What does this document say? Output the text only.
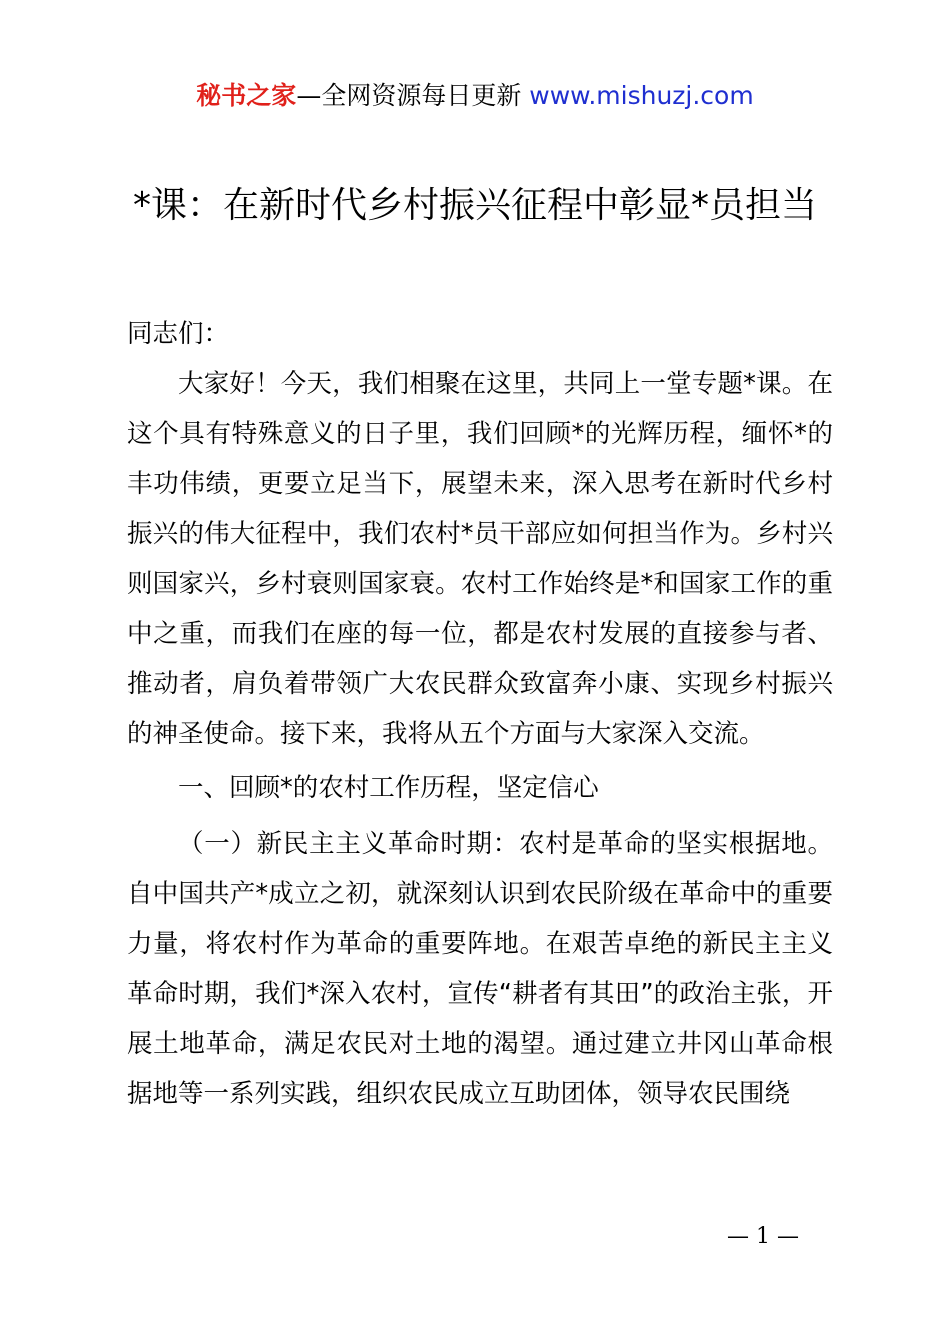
秘书之家—全网资源每日更新 www.mishuzj.com
*课：在新时代乡村振兴征程中彰显*员担当

同志们：

大家好！今天，我们相聚在这里，共同上一堂专题*课。在这个具有特殊意义的日子里，我们回顾*的光辉历程，缅怀*的丰功伟绩，更要立足当下，展望未来，深入思考在新时代乡村振兴的伟大征程中，我们农村*员干部应如何担当作为。乡村兴则国家兴，乡村衰则国家衰。农村工作始终是*和国家工作的重中之重，而我们在座的每一位，都是农村发展的直接参与者、推动者，肩负着带领广大农民群众致富奔小康、实现乡村振兴的神圣使命。接下来，我将从五个方面与大家深入交流。

一、回顾*的农村工作历程，坚定信心

（一）新民主主义革命时期：农村是革命的坚实根据地。自中国共产*成立之初，就深刻认识到农民阶级在革命中的重要力量，将农村作为革命的重要阵地。在艰苦卓绝的新民主主义革命时期，我们*深入农村，宣传“耕者有其田”的政治主张，开展土地革命，满足农民对土地的渴望。通过建立井冈山革命根据地等一系列实践，组织农民成立互助团体，领导农民围绕

— 1 —
